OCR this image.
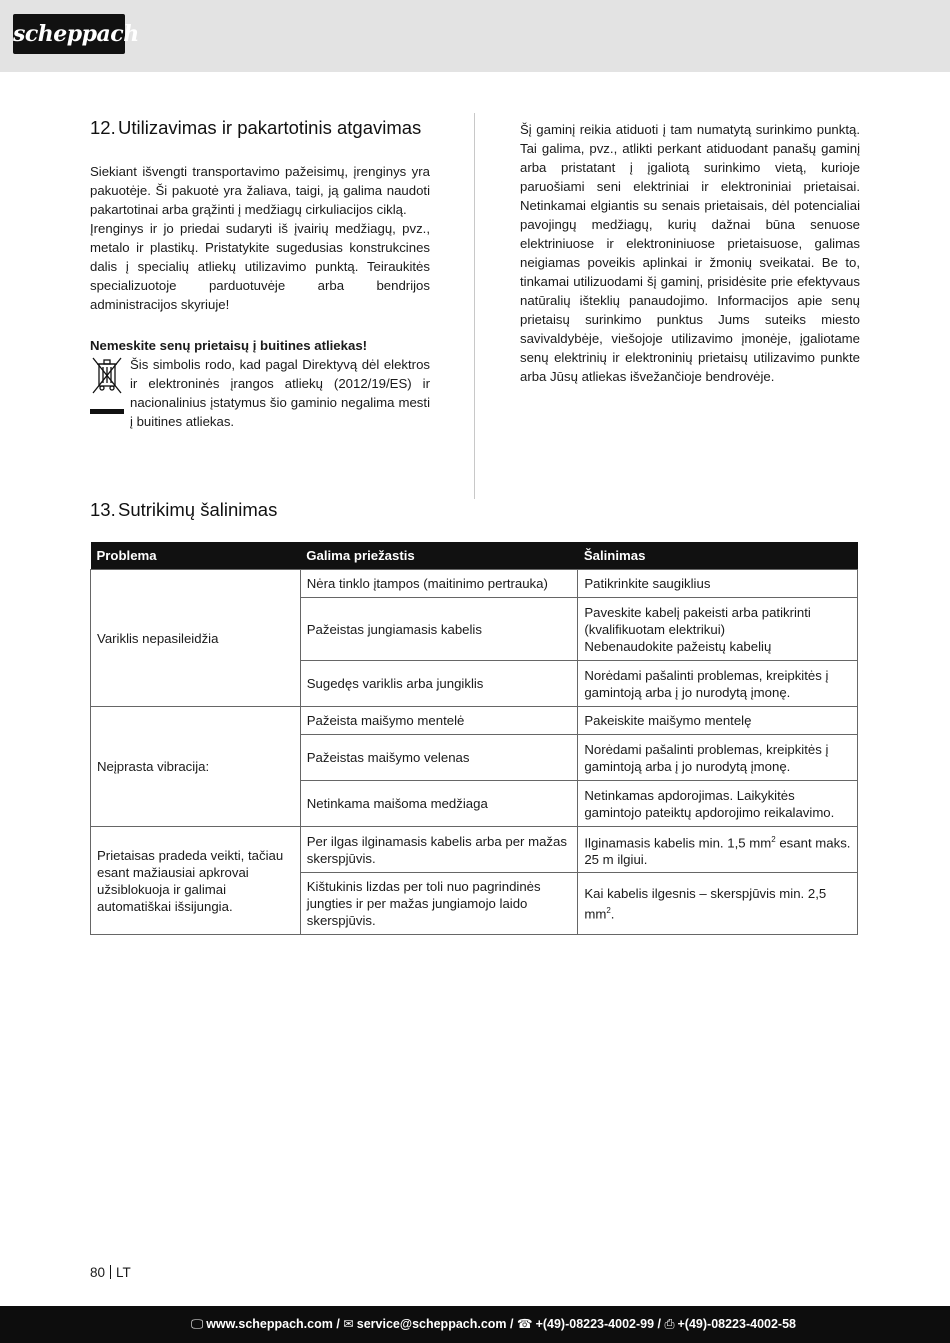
scheppach
12. Utilizavimas ir pakartotinis atgavimas

Siekiant išvengti transportavimo pažeisimų, įrenginys yra pakuotėje. Ši pakuotė yra žaliava, taigi, ją galima naudoti pakartotinai arba grąžinti į medžiagų cirkuliacijos ciklą.

Įrenginys ir jo priedai sudaryti iš įvairių medžiagų, pvz., metalo ir plastikų. Pristatykite sugedusias konstrukcines dalis į specialių atliekų utilizavimo punktą. Teiraukitės specializuotoje parduotuvėje arba bendrijos administracijos skyriuje!

Nemeskite senų prietaisų į buitines atliekas!

Šis simbolis rodo, kad pagal Direktyvą dėl elektros ir elektroninės įrangos atliekų (2012/19/ES) ir nacionalinius įstatymus šio gaminio negalima mesti į buitines atliekas.

Šį gaminį reikia atiduoti į tam numatytą surinkimo punktą. Tai galima, pvz., atlikti perkant atiduodant panašų gaminį arba pristatant į įgaliotą surinkimo vietą, kurioje paruošiami seni elektriniai ir elektroniniai prietaisai. Netinkamai elgiantis su senais prietaisais, dėl potencialiai pavojingų medžiagų, kurių dažnai būna senuose elektriniuose ir elektroniniuose prietaisuose, galimas neigiamas poveikis aplinkai ir žmonių sveikatai. Be to, tinkamai utilizuodami šį gaminį, prisidėsite prie efektyvaus natūralių išteklių panaudojimo. Informacijos apie senų prietaisų surinkimo punktus Jums suteiks miesto savivaldybėje, viešojoje utilizavimo įmonėje, įgaliotame senų elektrinių ir elektroninių prietaisų utilizavimo punkte arba Jūsų atliekas išvežančioje bendrovėje.

13. Sutrikimų šalinimas
Problema	Galima priežastis	Šalinimas
Variklis nepasileidžia	Nėra tinklo įtampos (maitinimo pertrauka)	Patikrinkite saugiklius
	Pažeistas jungiamasis kabelis	Paveskite kabelį pakeisti arba patikrinti (kvalifikuotam elektrikui)
Nebenaudokite pažeistų kabelių
	Sugedęs variklis arba jungiklis	Norėdami pašalinti problemas, kreipkitės į gamintoją arba į jo nurodytą įmonę.
Neįprasta vibracija:	Pažeista maišymo mentelė	Pakeiskite maišymo mentelę
	Pažeistas maišymo velenas	Norėdami pašalinti problemas, kreipkitės į gamintoją arba į jo nurodytą įmonę.
	Netinkama maišoma medžiaga	Netinkamas apdorojimas. Laikykitės gamintojo pateiktų apdorojimo reikalavimo.
Prietaisas pradeda veikti, tačiau esant mažiausiai apkrovai užsiblokuoja ir galimai automatiškai išsijungia.	Per ilgas ilginamasis kabelis arba per mažas skerspjūvis.	Ilginamasis kabelis min. 1,5 $mm^2$ esant maks. 25 m ilgiui.
	Kištukinis lizdas per toli nuo pagrindinės jungties ir per mažas jungiamojo laido skerspjūvis.	Kai kabelis ilgesnis – skerspjūvis min. 2,5 $mm^2$.
80 LT
🖵 www.scheppach.com / ✉ service@scheppach.com / ☎ +(49)-08223-4002-99 / ⎙ +(49)-08223-4002-58
